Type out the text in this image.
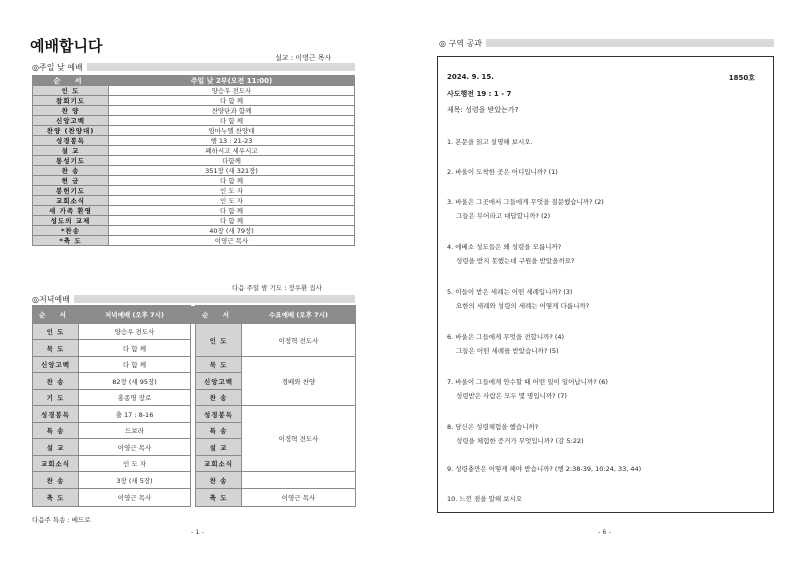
예배합니다
설교 : 이영근 목사
◎주일 낮 예배
순 서	주일 낮 2부(오전 11:00)
인 도	양승우 전도사
참회기도	다 함 께
찬 양	찬양단과 함께
신앙고백	다 함 께
찬양 (찬양대)	임마누엘 찬양대
성경봉독	행 13 : 21-23
설 교	폐하시고 세우시고
통성기도	다함께
찬 송	351장 (새 321장)
헌 금	다 함 께
봉헌기도	인 도 자
교회소식	인 도 자
새 가족 환영	다 함 께
성도의 교제	다 함 께
*찬송	40장 (새 79장)
*축 도	이영근 목사
다음 주일 밤 기도 : 장우환 집사
◎저녁예배
순 서	저녁예배 (오후 7시)		순 서	수요예배 (오후 7시)
인 도	양승우 전도사		인 도	이정혁 전도사
묵 도	다 함 께			
신앙고백	다 함 께		묵 도	경배와 찬양
찬 송	82장 (새 95장)		신앙고백	
기 도	홍종명 장로		찬 송	
성경봉독	출 17 : 8-16		성경봉독	이정혁 전도사
특 송	드보라		특 송	
설 교	이영근 목사		설 교	
교회소식	인 도 자		교회소식	
찬 송	3장 (새 5장)		찬 송	
축 도	이영근 목사		축 도	이영근 목사
다음주 특송 : 베드로
- 1 -
◎ 구역 공과
2024. 9. 15.	1850호
사도행전 19 : 1 - 7
제목: 성령을 받았는가?
1. 본문을 읽고 설명해 보시오.
2. 바울이 도착한 곳은 어디입니까? (1)
3. 바울은 그곳에서 그들에게 무엇을 질문했습니까? (2)
그들은 무어라고 대답합니까? (2)
4. 에베소 성도들은 왜 성령을 모릅니까?
성령을 받지 못했는데 구원을 받았을까요?
5. 이들이 받은 세례는 어떤 세례입니까? (3)
요한의 세례와 성령의 세례는 어떻게 다릅니까?
6. 바울은 그들에게 무엇을 전합니까? (4)
그들은 어떤 세례를 받았습니까? (5)
7. 바울이 그들에게 안수할 때 어떤 일이 일어납니까? (6)
성령받은 사람은 모두 몇 명입니까? (7)
8. 당신은 성령체험을 했습니까?
성령을 체험한 증거가 무엇입니까? (갈 5:22)
9. 성령충만은 어떻게 해야 받습니까? (행 2:38-39, 10:24, 33, 44)
10. 느낀 점을 말해 보시오
- 6 -
